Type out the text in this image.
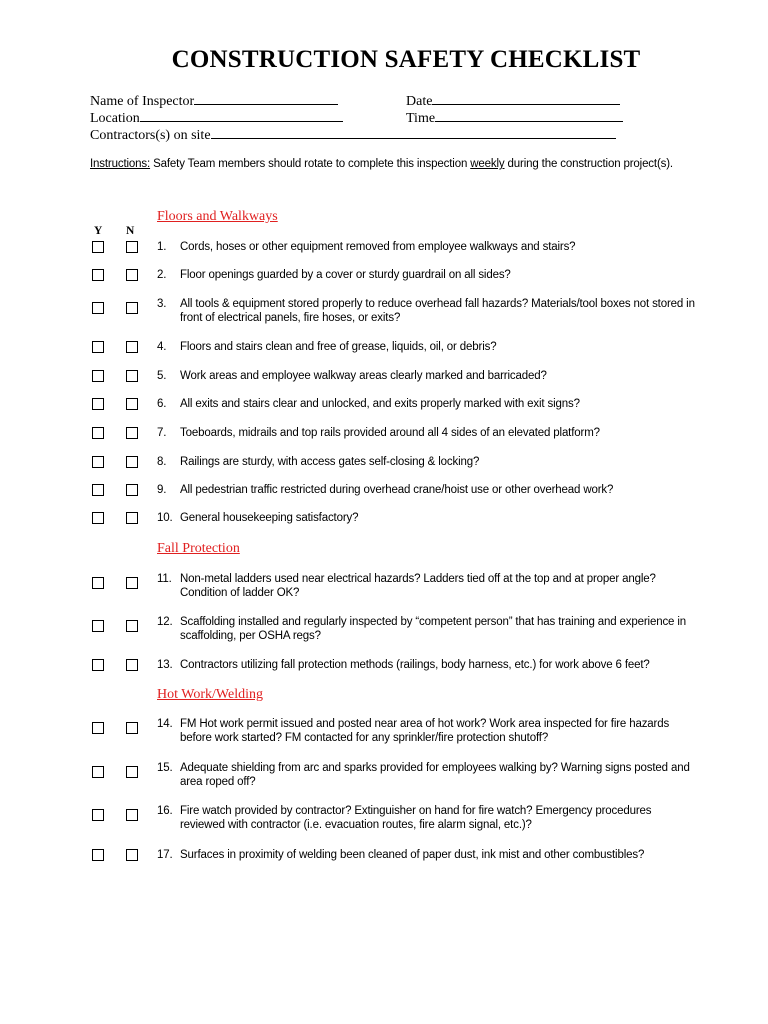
CONSTRUCTION SAFETY CHECKLIST
Name of Inspector	Date
Location	Time
Contractors(s) on site
Instructions: Safety Team members should rotate to complete this inspection weekly during the construction project(s).
Y N
Floors and Walkways
1. Cords, hoses or other equipment removed from employee walkways and stairs?
2. Floor openings guarded by a cover or sturdy guardrail on all sides?
3. All tools & equipment stored properly to reduce overhead fall hazards? Materials/tool boxes not stored in front of electrical panels, fire hoses, or exits?
4. Floors and stairs clean and free of grease, liquids, oil, or debris?
5. Work areas and employee walkway areas clearly marked and barricaded?
6. All exits and stairs clear and unlocked, and exits properly marked with exit signs?
7. Toeboards, midrails and top rails provided around all 4 sides of an elevated platform?
8. Railings are sturdy, with access gates self-closing & locking?
9. All pedestrian traffic restricted during overhead crane/hoist use or other overhead work?
10. General housekeeping satisfactory?
Fall Protection
11. Non-metal ladders used near electrical hazards? Ladders tied off at the top and at proper angle? Condition of ladder OK?
12. Scaffolding installed and regularly inspected by “competent person” that has training and experience in scaffolding, per OSHA regs?
13. Contractors utilizing fall protection methods (railings, body harness, etc.) for work above 6 feet?
Hot Work/Welding
14. FM Hot work permit issued and posted near area of hot work? Work area inspected for fire hazards before work started? FM contacted for any sprinkler/fire protection shutoff?
15. Adequate shielding from arc and sparks provided for employees walking by? Warning signs posted and area roped off?
16. Fire watch provided by contractor? Extinguisher on hand for fire watch? Emergency procedures reviewed with contractor (i.e. evacuation routes, fire alarm signal, etc.)?
17. Surfaces in proximity of welding been cleaned of paper dust, ink mist and other combustibles?
